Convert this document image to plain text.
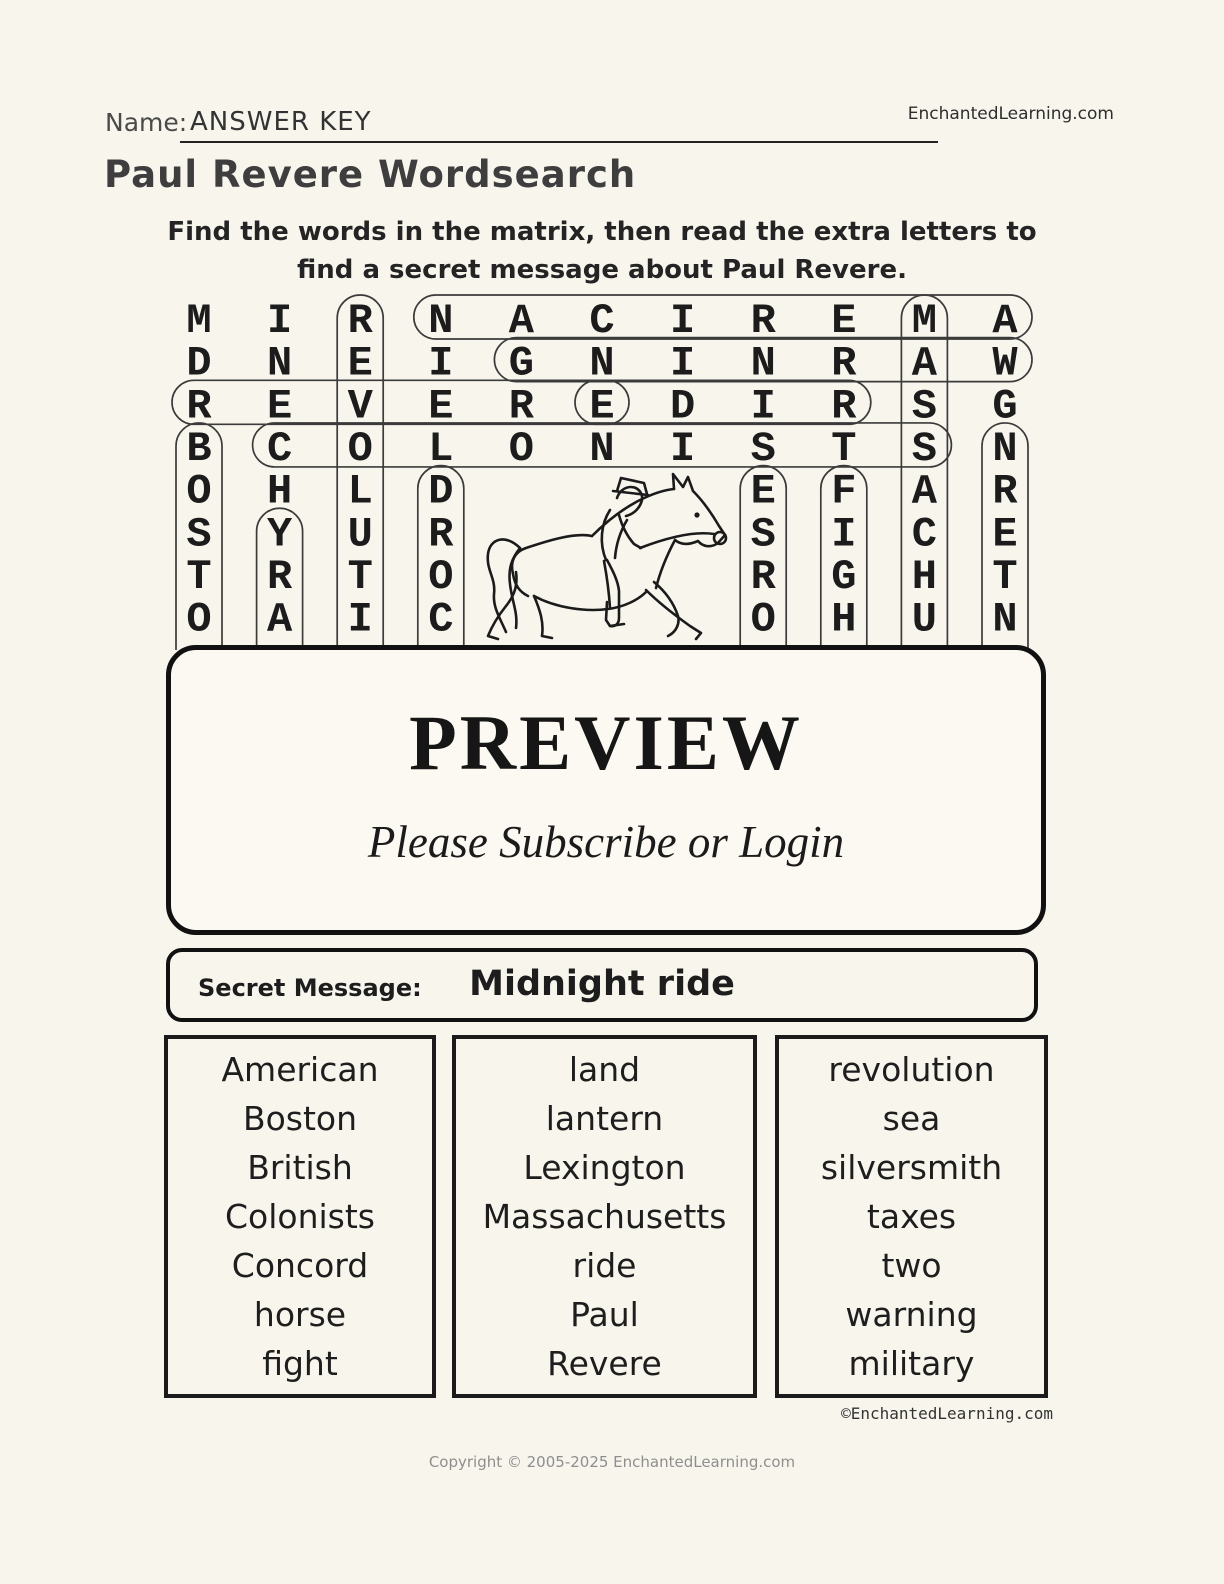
Name: ANSWER KEY	EnchantedLearning.com
Paul Revere Wordsearch
Find the words in the matrix, then read the extra letters to
find a secret message about Paul Revere.
M I R N A C I R E M A
D N E I G N I N R A W
R E V E R E D I R S G
B C O L O N I S T S N
O H L D	E F A R
S Y U R	S I C E
T R T O	R G H T
O A I C	O H U N
PREVIEW
Please Subscribe or Login
Secret Message:	Midnight ride
American
Boston
British
Colonists
Concord
horse
fight
land
lantern
Lexington
Massachusetts
ride
Paul
Revere
revolution
sea
silversmith
taxes
two
warning
military
©EnchantedLearning.com
Copyright © 2005-2025 EnchantedLearning.com
